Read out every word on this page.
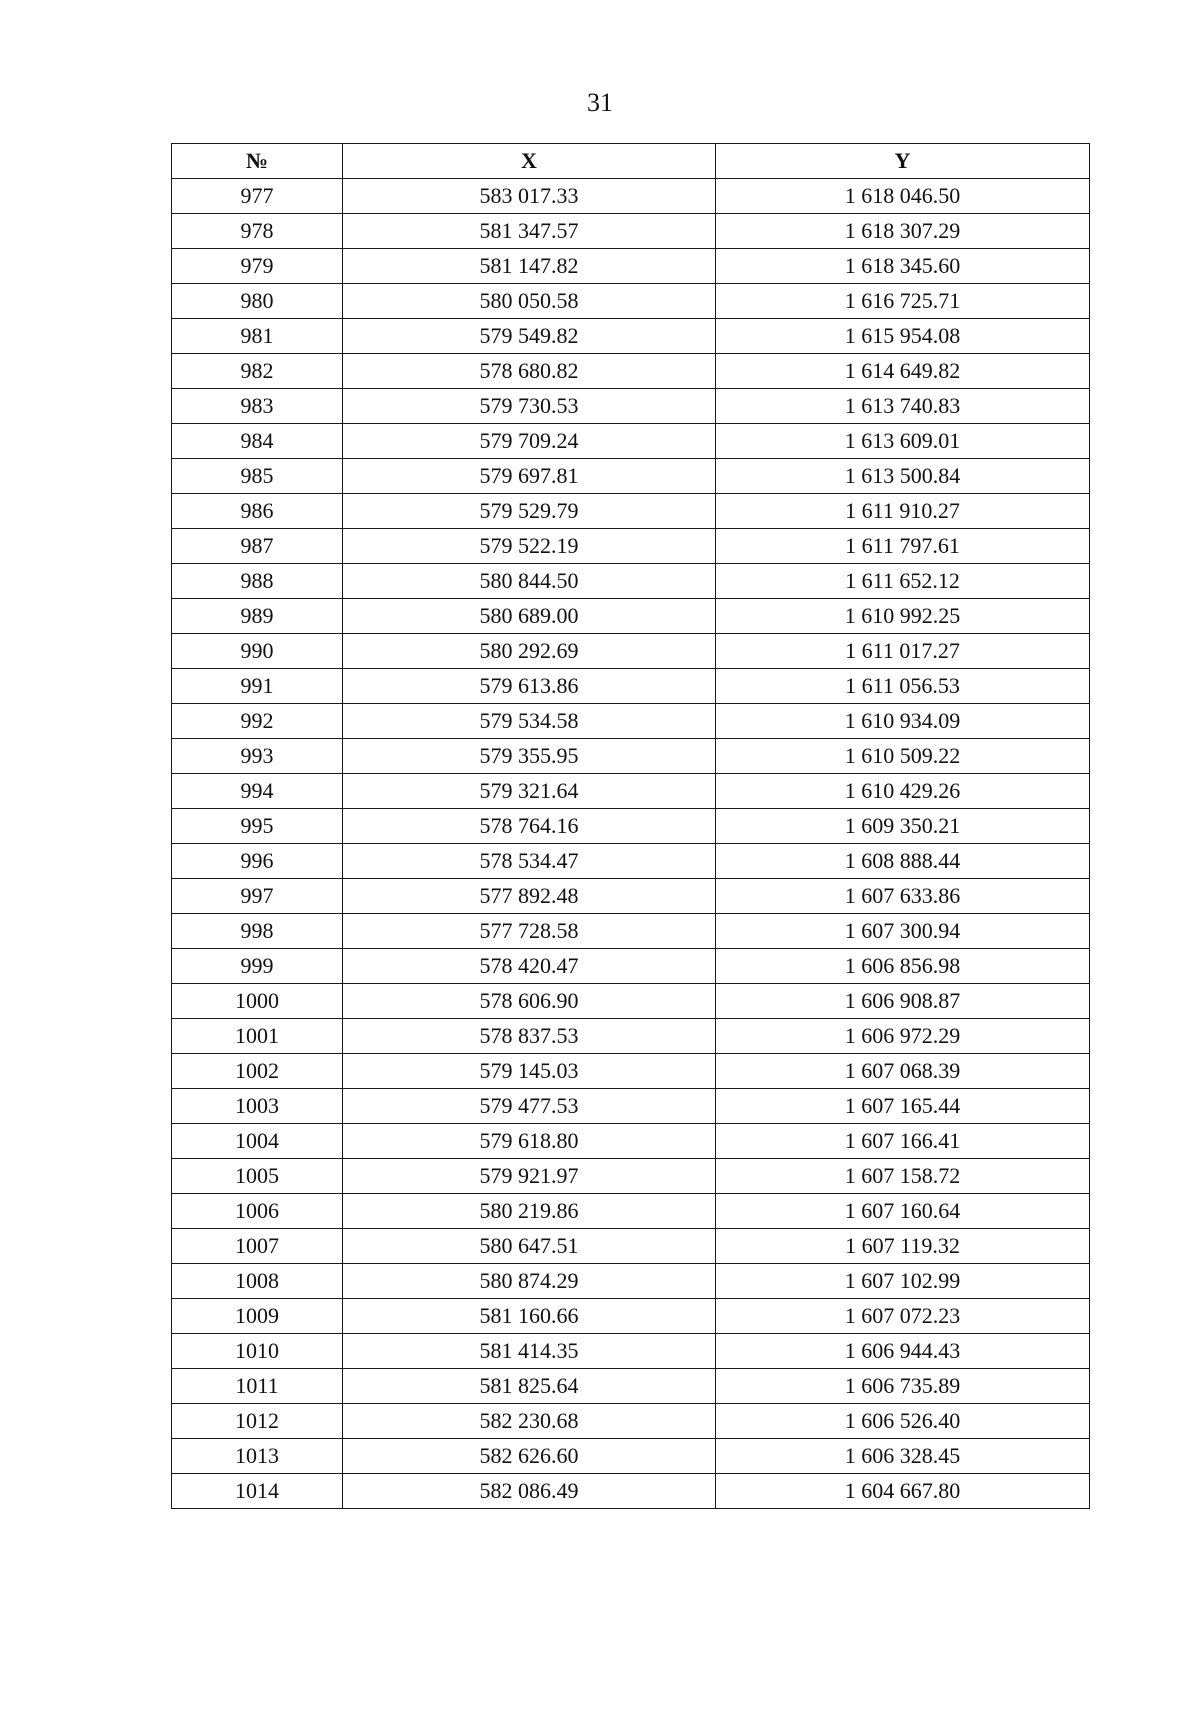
31
№	X	Y
977	583 017.33	1 618 046.50
978	581 347.57	1 618 307.29
979	581 147.82	1 618 345.60
980	580 050.58	1 616 725.71
981	579 549.82	1 615 954.08
982	578 680.82	1 614 649.82
983	579 730.53	1 613 740.83
984	579 709.24	1 613 609.01
985	579 697.81	1 613 500.84
986	579 529.79	1 611 910.27
987	579 522.19	1 611 797.61
988	580 844.50	1 611 652.12
989	580 689.00	1 610 992.25
990	580 292.69	1 611 017.27
991	579 613.86	1 611 056.53
992	579 534.58	1 610 934.09
993	579 355.95	1 610 509.22
994	579 321.64	1 610 429.26
995	578 764.16	1 609 350.21
996	578 534.47	1 608 888.44
997	577 892.48	1 607 633.86
998	577 728.58	1 607 300.94
999	578 420.47	1 606 856.98
1000	578 606.90	1 606 908.87
1001	578 837.53	1 606 972.29
1002	579 145.03	1 607 068.39
1003	579 477.53	1 607 165.44
1004	579 618.80	1 607 166.41
1005	579 921.97	1 607 158.72
1006	580 219.86	1 607 160.64
1007	580 647.51	1 607 119.32
1008	580 874.29	1 607 102.99
1009	581 160.66	1 607 072.23
1010	581 414.35	1 606 944.43
1011	581 825.64	1 606 735.89
1012	582 230.68	1 606 526.40
1013	582 626.60	1 606 328.45
1014	582 086.49	1 604 667.80
